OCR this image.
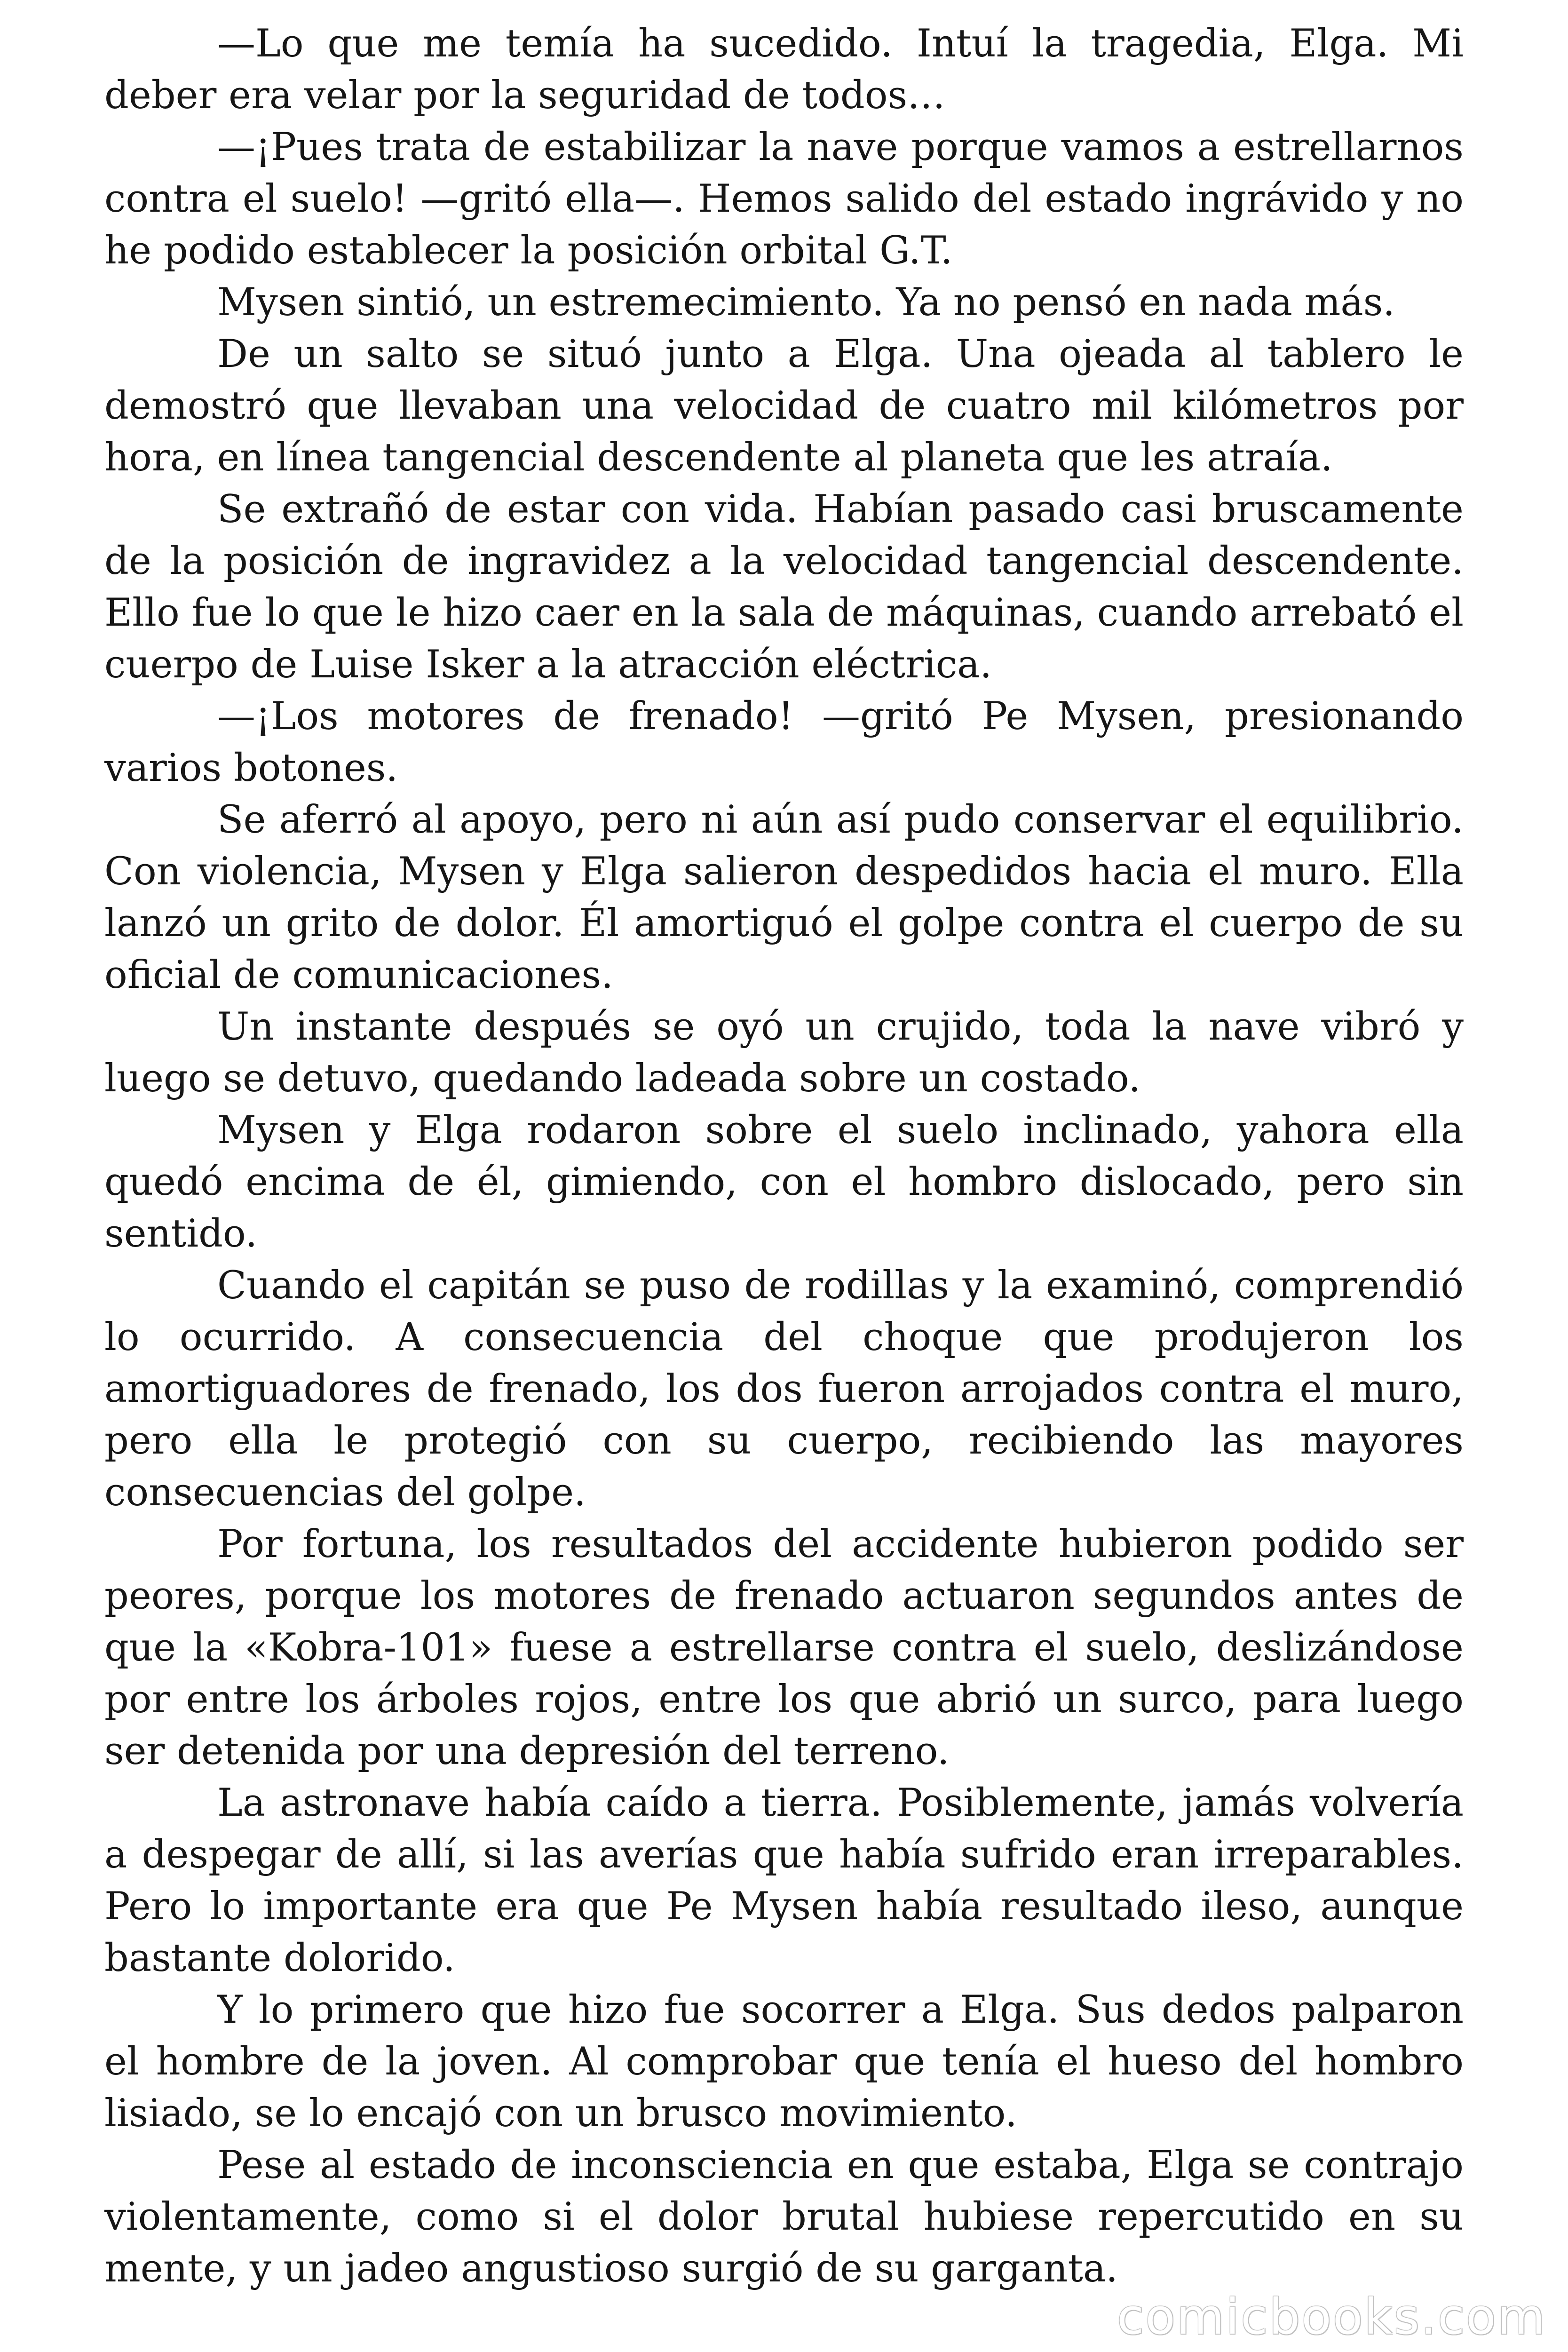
—Lo que me temía ha sucedido. Intuí la tragedia, Elga. Mi deber era velar por la seguridad de todos…

—¡Pues trata de estabilizar la nave porque vamos a estrellarnos contra el suelo! —gritó ella—. Hemos salido del estado ingrávido y no he podido establecer la posición orbital G.T.

Mysen sintió, un estremecimiento. Ya no pensó en nada más.

De un salto se situó junto a Elga. Una ojeada al tablero le demostró que llevaban una velocidad de cuatro mil kilómetros por hora, en línea tangencial descendente al planeta que les atraía.

Se extrañó de estar con vida. Habían pasado casi bruscamente de la posición de ingravidez a la velocidad tangencial descendente. Ello fue lo que le hizo caer en la sala de máquinas, cuando arrebató el cuerpo de Luise Isker a la atracción eléctrica.

—¡Los motores de frenado! —gritó Pe Mysen, presionando varios botones.

Se aferró al apoyo, pero ni aún así pudo conservar el equilibrio. Con violencia, Mysen y Elga salieron despedidos hacia el muro. Ella lanzó un grito de dolor. Él amortiguó el golpe contra el cuerpo de su oficial de comunicaciones.

Un instante después se oyó un crujido, toda la nave vibró y luego se detuvo, quedando ladeada sobre un costado.

Mysen y Elga rodaron sobre el suelo inclinado, yahora ella quedó encima de él, gimiendo, con el hombro dislocado, pero sin sentido.

Cuando el capitán se puso de rodillas y la examinó, comprendió lo ocurrido. A consecuencia del choque que produjeron los amortiguadores de frenado, los dos fueron arrojados contra el muro, pero ella le protegió con su cuerpo, recibiendo las mayores consecuencias del golpe.

Por fortuna, los resultados del accidente hubieron podido ser peores, porque los motores de frenado actuaron segundos antes de que la «Kobra-101» fuese a estrellarse contra el suelo, deslizándose por entre los árboles rojos, entre los que abrió un surco, para luego ser detenida por una depresión del terreno.

La astronave había caído a tierra. Posiblemente, jamás volvería a despegar de allí, si las averías que había sufrido eran irreparables. Pero lo importante era que Pe Mysen había resultado ileso, aunque bastante dolorido.

Y lo primero que hizo fue socorrer a Elga. Sus dedos palparon el hombre de la joven. Al comprobar que tenía el hueso del hombro lisiado, se lo encajó con un brusco movimiento.

Pese al estado de inconsciencia en que estaba, Elga se contrajo violentamente, como si el dolor brutal hubiese repercutido en su mente, y un jadeo angustioso surgió de su garganta.

comicbooks.com
